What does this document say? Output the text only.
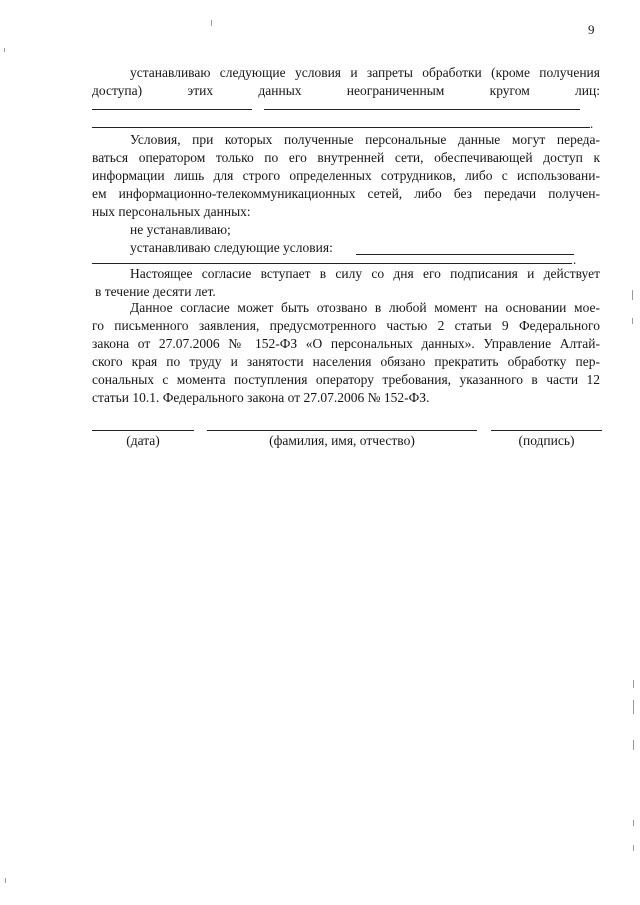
9
устанавливаю следующие условия и запреты обработки (кроме получения
доступа) этих данных неограниченным кругом лиц:
.
Условия, при которых полученные персональные данные могут переда-
ваться оператором только по его внутренней сети, обеспечивающей доступ к
информации лишь для строго определенных сотрудников, либо с использовани-
ем информационно-телекоммуникационных сетей, либо без передачи получен-
ных персональных данных:
не устанавливаю;
устанавливаю следующие условия:
.
Настоящее согласие вступает в силу со дня его подписания и действует
в течение десяти лет.
Данное согласие может быть отозвано в любой момент на основании мое-
го письменного заявления, предусмотренного частью 2 статьи 9 Федерального
закона от 27.07.2006 № 152-ФЗ «О персональных данных». Управление Алтай-
ского края по труду и занятости населения обязано прекратить обработку пер-
сональных с момента поступления оператору требования, указанного в части 12
статьи 10.1. Федерального закона от 27.07.2006 № 152-ФЗ.
(дата)	(фамилия, имя, отчество)	(подпись)
